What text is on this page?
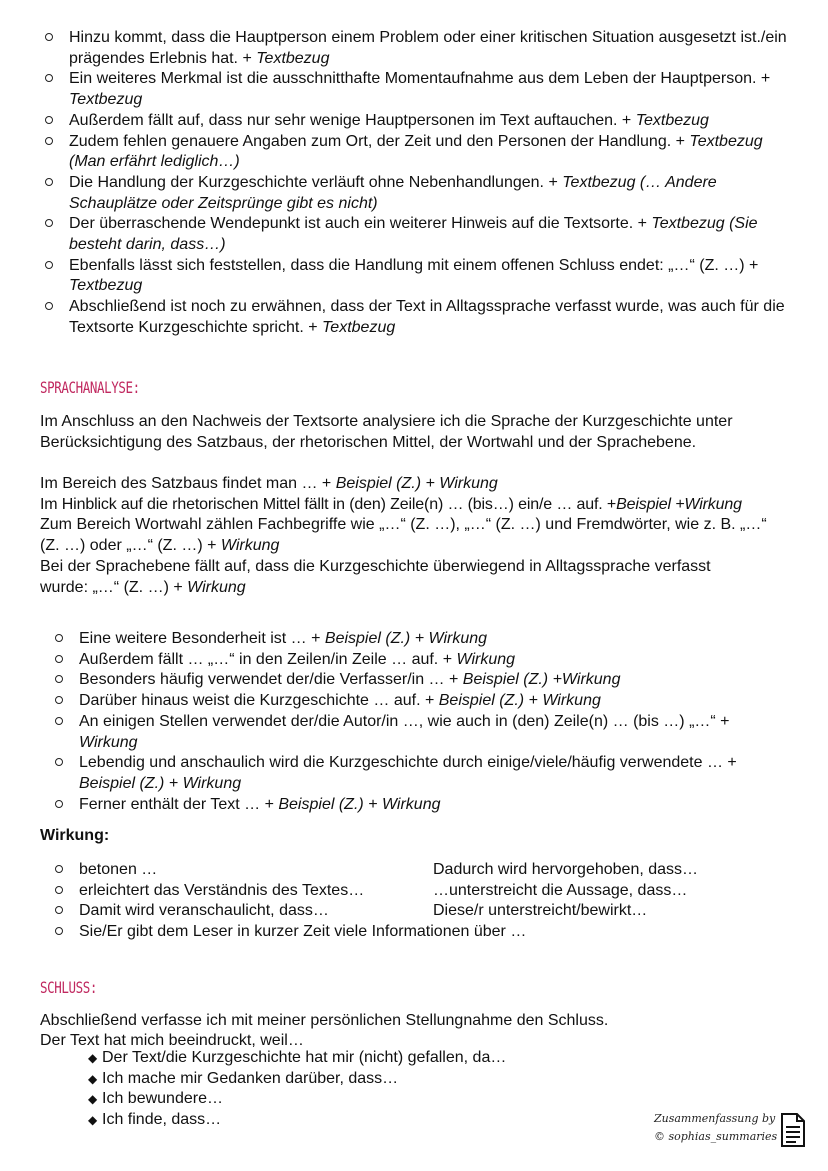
Hinzu kommt, dass die Hauptperson einem Problem oder einer kritischen Situation ausgesetzt ist./ein prägendes Erlebnis hat. + Textbezug
Ein weiteres Merkmal ist die ausschnitthafte Momentaufnahme aus dem Leben der Hauptperson. + Textbezug
Außerdem fällt auf, dass nur sehr wenige Hauptpersonen im Text auftauchen. + Textbezug
Zudem fehlen genauere Angaben zum Ort, der Zeit und den Personen der Handlung. + Textbezug (Man erfährt lediglich…)
Die Handlung der Kurzgeschichte verläuft ohne Nebenhandlungen. + Textbezug (… Andere Schauplätze oder Zeitsprünge gibt es nicht)
Der überraschende Wendepunkt ist auch ein weiterer Hinweis auf die Textsorte. + Textbezug (Sie besteht darin, dass…)
Ebenfalls lässt sich feststellen, dass die Handlung mit einem offenen Schluss endet: „…“ (Z. …) + Textbezug
Abschließend ist noch zu erwähnen, dass der Text in Alltagssprache verfasst wurde, was auch für die Textsorte Kurzgeschichte spricht. + Textbezug
SPRACHANALYSE:

Im Anschluss an den Nachweis der Textsorte analysiere ich die Sprache der Kurzgeschichte unter Berücksichtigung des Satzbaus, der rhetorischen Mittel, der Wortwahl und der Sprachebene.

Im Bereich des Satzbaus findet man … + Beispiel (Z.) + Wirkung
Im Hinblick auf die rhetorischen Mittel fällt in (den) Zeile(n) … (bis…) ein/e … auf. +Beispiel +Wirkung
Zum Bereich Wortwahl zählen Fachbegriffe wie „…“ (Z. …), „…“ (Z. …) und Fremdwörter, wie z. B. „…“ (Z. …) oder „…“ (Z. …) + Wirkung
Bei der Sprachebene fällt auf, dass die Kurzgeschichte überwiegend in Alltagssprache verfasst wurde: „…“ (Z. …) + Wirkung
Eine weitere Besonderheit ist … + Beispiel (Z.) + Wirkung
Außerdem fällt … „…“ in den Zeilen/in Zeile … auf. + Wirkung
Besonders häufig verwendet der/die Verfasser/in … + Beispiel (Z.) +Wirkung
Darüber hinaus weist die Kurzgeschichte … auf. + Beispiel (Z.) + Wirkung
An einigen Stellen verwendet der/die Autor/in …, wie auch in (den) Zeile(n) … (bis …) „…“ + Wirkung
Lebendig und anschaulich wird die Kurzgeschichte durch einige/viele/häufig verwendete … + Beispiel (Z.) + Wirkung
Ferner enthält der Text … + Beispiel (Z.) + Wirkung
Wirkung:
betonen …	Dadurch wird hervorgehoben, dass…
erleichtert das Verständnis des Textes…	…unterstreicht die Aussage, dass…
Damit wird veranschaulicht, dass…	Diese/r unterstreicht/bewirkt…
Sie/Er gibt dem Leser in kurzer Zeit viele Informationen über …
SCHLUSS:
Abschließend verfasse ich mit meiner persönlichen Stellungnahme den Schluss.
Der Text hat mich beeindruckt, weil…
◆ Der Text/die Kurzgeschichte hat mir (nicht) gefallen, da…
◆ Ich mache mir Gedanken darüber, dass…
◆ Ich bewundere…
◆ Ich finde, dass…	Zusammenfassung by
© sophias_summaries
